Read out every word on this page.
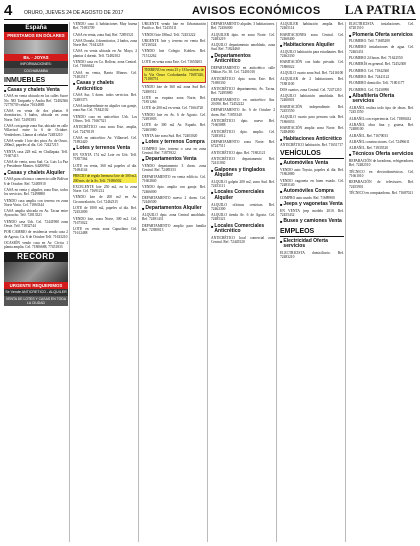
4	ORURO, JUEVES 24 DE AGOSTO DE 2017	AVISOS ECONÓMICOS LA PATRIA
España
PRESTAMOS EN DÓLARES
Bs. · JOYAS
INFORMACIONES:
COCHABAMBA
INMUEBLES
■ Casas y chalets Venta
CASA en venta ubicado en las calles Sucre No. 585 Tarqueña y Ancha Ref. 72402366 72770739 celular 71634885
CASA en venta de dos plantas 8 dormitorios, 3 baños, ubicada en zona Norte. Telf. 72491583
CASA con garaje zona Sur, ubicado en calle Villavisol entre la 6 de Octubre. Vendedores. Llamar al celular 72483210
CASA vendo 1 lote dos pisos Av. de Oruro, 200m2, papeles al día. Cel: 72427215
VENTA casa 228 m2, en Challapata. Telf. 71607413
CASA de venta, zona Sud. Ca. Luis La Paz y Presidente Montes. 64200962
■ Casas y chalets Alquiler
CASA para oficina o comercio calle Bolívar 6 de Octubre. Ref. 72483910
CASA en venta y alquiler, zona Este, todos los servicios. Ref. 72498800
VENDO casa amplia con terreno en zona Norte Vinto. Cel. 71863344
CASA amplia ubicada en Av. Tacna entre Ayacucho. Telf. 72813321
VENDO casa Urb. Cel. 72441980 zona Oeste. Telf. 71832744
POR CAMBIO de residencia vendo casa 2 de Agosto, Ca. 6 de Octubre Telf. 71633210
OCASIÓN vendo casa en Av. Cívica 1 planta amplia. Cel. 71806688, 77451833
RECORD
URGENTE REQUERIMOS
Se Vende ANTICRETICO - ALQUILER
VENTA DE LOTES Y CASAS EN TODA LA CIUDAD
VENDO casa 4 habitaciones Muy buena Ref. 71693709
CASA en venta, zona Sud, Ref. 72891521
CASA Dorada, 4 dormitorios, 2 baños, zona Norte Ref. 71641218
CASA en venta ubicada en Av. Mayo, 2 plantas 4 dormit. Telf. 72482102
VENDO casa en Ca. Bolívar, zona Central. Cel. 71666642
CASA en venta, Barrio Minero. Cel. 71402517
■ Casas y chalets Anticrético
CASA Sur, 3 dorm. todos servicios. Ref. 72485373
CASA independiente en alquiler con garaje, zona Sur. Cel. 71842102
VENDO casa en anticrético Urb. Los Olivos. Telf. 71667521
ANTICRÉTICO casa zona Este, amplia, Cel. 72478119
CASA en anticrético Av. Villarroel. Cel. 71892420
■ Lotes y terrenos Venta
EN VENTA 174 m2 Lote en Urb. Telf. 71857364
LOTE en venta, 360 m2 papeles al día. 71694144
PRECIO de regalo hermoso lote de 300 m2, 200 mts. de la Av. Telf. 71696502
EXCELENTE lote 250 m2, en la zona Norte. Cel. 71691212
VENDO lote de 200 m2 en Av. Circunvalación, Cel. 72462315
LOTE de 1000 m2, papeles al día. Ref. 72452000
VENDO lote, zona Norte, 300 m2. Cel. 71675022
LOTE en venta zona Capuchino Cel. 71612488
URGENTE vendo lote en Urbanización Pacifico. Ref. 72435111
VENDO lote 180m2. Telf. 72453222
URGENTE lote y terreno en venta Ref. 67216524
VENDO lote Colegio Kohlen. Ref. 71512262
LOTE en venta zona Este. Cel. 71650203
TERRENO en venta 25 y 18 hectáreas de la Vía Oruro Cochabamba 71687426, 71180751
VENDO lote de 360 m2 zona Sud Ref. 72480512
LOTE en esquina zona Norte, Ref. 71851266
LOTE de 200 m2 en venta. Cel. 71664720
VENDO lote en Av. 6 de Agosto. Cel. 72493003
LOTE de 300 m2 Av. España. Ref. 72465080
VENTA lote zona Sud. Ref. 72403020
■ Lotes y terrenos Compra
COMPRO lote, terreno o casa en zona Central. Ref. 71873922
■ Departamentos Venta
VENDO departamento 3 dorm. zona Central. Ref. 72485333
DEPARTAMENTO en venta edificio. Cel. 71602840
VENDO dpto. amplio con garaje. Ref. 72466000
DEPARTAMENTO nuevo 2 dorm. Cel. 72446500
■ Departamentos Alquiler
ALQUILO dpto. zona Central amoblado. Ref. 72491431
DEPARTAMENTO amplio para familia Ref. 72380013
DEPARTAMENTO alquiler, 3 habitaciones. Ref. 72456000
ALQUILER dpto. en zona Norte. Cel. 72483219
ALQUILO departamento amoblado, zona Sud. Ref. 71824460
■ Departamentos Anticrético
DEPARTAMENTO en anticrético calle Oblitas No. 30. Cel. 72401010
ANTICRÉTICO dpto. zona Este. Ref. 71690330
ANTICRÉTICO departamento, Av. Tacna. Ref. 72495880
DEPARTAMENTO en anticrético $us. 20.000. Ref. 72452222
DEPARTAMENTO Av. 6 de Octubre 2 dorm. Ref. 71855340
ANTICRÉTICO dpto. nuevo Ref. 71665888
ANTICRÉTICO dpto. amplio. Cel. 72483012
DEPARTAMENTO zona Norte. Ref. 67247511
ANTICRÉTICO dpto. Ref. 71802121
ANTICRÉTICO departamento Ref. 72411030
■ Galpones y tinglados Alquiler
ALQUILO galpón 200 m2, zona Sud. Ref. 72453111
■ Locales Comerciales Alquiler
ALQUILO oficinas centricas. Ref. 72462300
ALQUILO tienda Av. 6 de Agosto. Cel. 72485321
■ Locales Comerciales Anticrético
ANTICRÉTICO local comercial zona Central. Ref. 72445520
ALQUILER habitación amplia. Ref. 72465114
HABITACIONES zona Central. Cel. 72468400
■ Habitaciones Alquiler
ALQUILO habitación para estudiantes. Ref. 72462330
HABITACIÓN con baño privado. Cel. 71880022
ALQUILO cuarto zona Sud. Ref. 72416100
ALQUILER de 2 habitaciones. Ref. 71881100
DOS cuartos, zona Central. Cel. 72471210
ALQUILO habitación amoblada. Ref. 72460001
HABITACIÓN independiente. Ref. 72455550
ALQUILO cuarto para persona sola. Ref. 71860033
HABITACIÓN amplia zona Norte. Ref. 72484800
■ Habitaciones Anticrético
ANTICRÉTICO habitación. Ref. 71651717
VEHÍCULOS
■ Automóviles Venta
VENDO auto Toyota, papeles al día. Ref. 71862880
VENDO vagoneta en buen estado. Cel. 72483140
■ Automóviles Compra
COMPRO auto usado. Ref. 71689900
■ Jeeps y vagonetas Venta
EN VENTA jeep modelo 2010. Ref. 72455432
■ Buses y camiones Venta
EMPLEOS
■ Electricidad Oferta servicios
ELECTRICISTA domiciliario. Ref. 72483210
ELECTRICISTA instalaciones. Cel. 67201510
■ Plomería Oferta servicios
PLOMERO. Telf. 71685200
PLOMERO instalaciones de agua. Cel. 72465431
PLOMERO 24 horas. Ref. 71622550
PLOMERÍA en general. Ref. 72452300
PLOMERO. Cel. 71842360
PLOMERO. Ref. 72441122
PLOMERO domicilio. Telf. 71801177
PLOMERO. Cel. 72430990
■ Albañilería Oferta servicios
ALBAÑIL realiza todo tipo de obras. Ref. 72451550
ALBAÑIL con experiencia. Cel. 71880432
ALBAÑIL obra fina y gruesa. Ref. 72488100
ALBAÑIL. Ref. 71670033
ALBAÑIL construcciones. Cel. 72496611
ALBAÑIL. Ref. 71835520
■ Técnicos Oferta servicios
REPARACIÓN de lavadoras, refrigeradores. Ref. 72482510
TÉCNICO en electrodomésticos. Cel. 71661010
REPARACIÓN de televisores. Ref. 72455901
TÉCNICO en computadoras. Ref. 71687021
